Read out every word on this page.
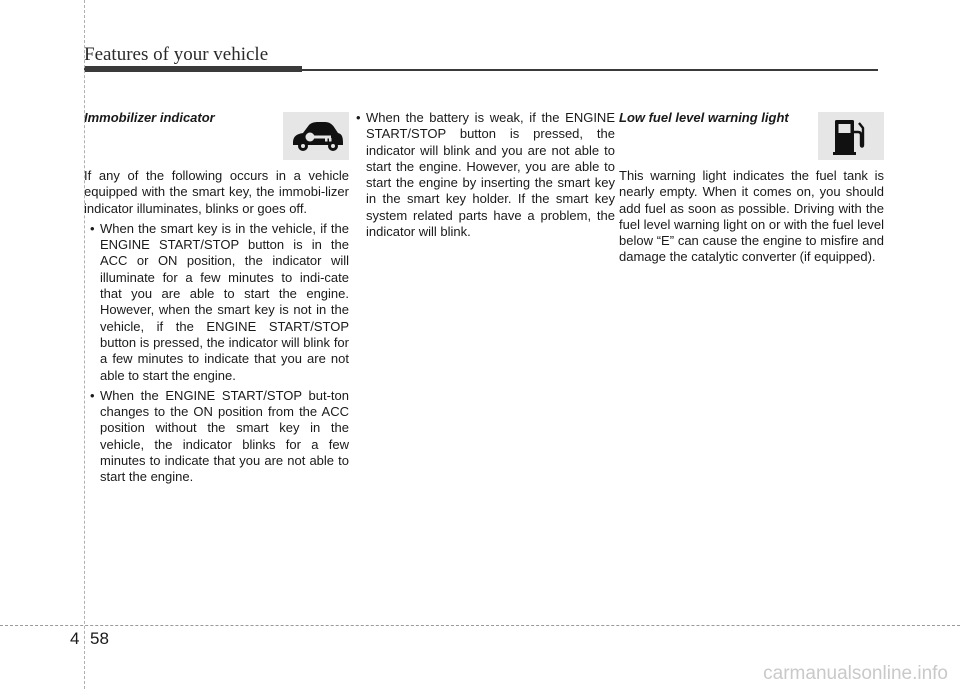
Features of your vehicle
Immobilizer indicator

If any of the following occurs in a vehicle equipped with the smart key, the immobi-lizer indicator illuminates, blinks or goes off.

• When the smart key is in the vehicle, if the ENGINE START/STOP button is in the ACC or ON position, the indicator will illuminate for a few minutes to indi-cate that you are able to start the engine. However, when the smart key is not in the vehicle, if the ENGINE START/STOP button is pressed, the indicator will blink for a few minutes to indicate that you are not able to start the engine.
• When the ENGINE START/STOP but-ton changes to the ON position from the ACC position without the smart key in the vehicle, the indicator blinks for a few minutes to indicate that you are not able to start the engine.
• When the battery is weak, if the ENGINE START/STOP button is pressed, the indicator will blink and you are not able to start the engine. However, you are able to start the engine by inserting the smart key in the smart key holder. If the smart key system related parts have a problem, the indicator will blink.
Low fuel level warning light

This warning light indicates the fuel tank is nearly empty. When it comes on, you should add fuel as soon as possible. Driving with the fuel level warning light on or with the fuel level below “E” can cause the engine to misfire and damage the catalytic converter (if equipped).

4 58
carmanualsonline.info
